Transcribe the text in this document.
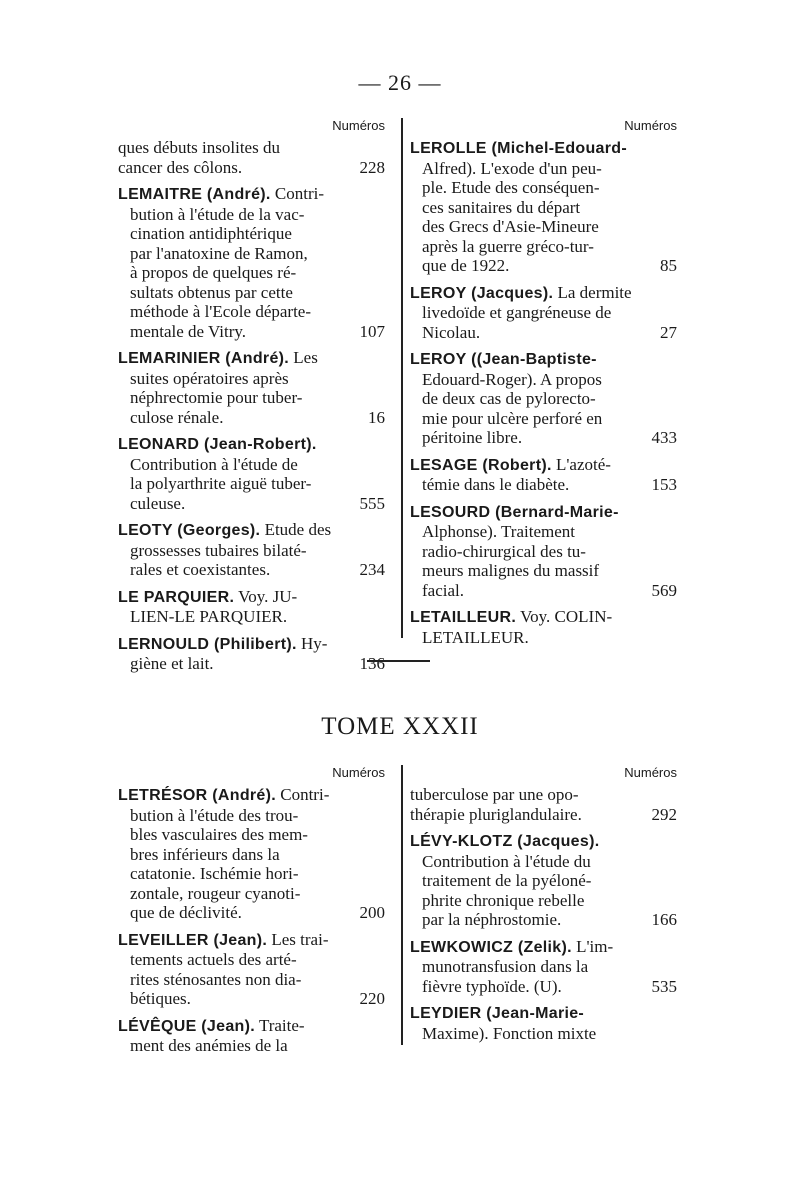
— 26 —
Numéros
ques débuts insolites du
cancer des côlons.	228
LEMAITRE (André). Contri-
bution à l'étude de la vac-
cination antidiphtérique
par l'anatoxine de Ramon,
à propos de quelques ré-
sultats obtenus par cette
méthode à l'Ecole départe-
mentale de Vitry.	107
LEMARINIER (André). Les
suites opératoires après
néphrectomie pour tuber-
culose rénale.	16
LEONARD (Jean-Robert).
Contribution à l'étude de
la polyarthrite aiguë tuber-
culeuse.	555
LEOTY (Georges). Etude des
grossesses tubaires bilaté-
rales et coexistantes.	234
LE PARQUIER. Voy. JU-
LIEN-LE PARQUIER.
LERNOULD (Philibert). Hy-
giène et lait.	136
Numéros
LEROLLE (Michel-Edouard-
Alfred). L'exode d'un peu-
ple. Etude des conséquen-
ces sanitaires du départ
des Grecs d'Asie-Mineure
après la guerre gréco-tur-
que de 1922.	85
LEROY (Jacques). La dermite
livedoïde et gangréneuse de
Nicolau.	27
LEROY ((Jean-Baptiste-
Edouard-Roger). A propos
de deux cas de pylorecto-
mie pour ulcère perforé en
péritoine libre.	433
LESAGE (Robert). L'azoté-
témie dans le diabète.	153
LESOURD (Bernard-Marie-
Alphonse). Traitement
radio-chirurgical des tu-
meurs malignes du massif
facial.	569
LETAILLEUR. Voy. COLIN-
LETAILLEUR.
TOME XXXII
Numéros
LETRÉSOR (André). Contri-
bution à l'étude des trou-
bles vasculaires des mem-
bres inférieurs dans la
catatonie. Ischémie hori-
zontale, rougeur cyanoti-
que de déclivité.	200
LEVEILLER (Jean). Les trai-
tements actuels des arté-
rites sténosantes non dia-
bétiques.	220
LÉVÊQUE (Jean). Traite-
ment des anémies de la
Numéros
tuberculose par une opo-
thérapie pluriglandulaire.	292
LÉVY-KLOTZ (Jacques).
Contribution à l'étude du
traitement de la pyéloné-
phrite chronique rebelle
par la néphrostomie.	166
LEWKOWICZ (Zelik). L'im-
munotransfusion dans la
fièvre typhoïde. (U).	535
LEYDIER (Jean-Marie-
Maxime). Fonction mixte
